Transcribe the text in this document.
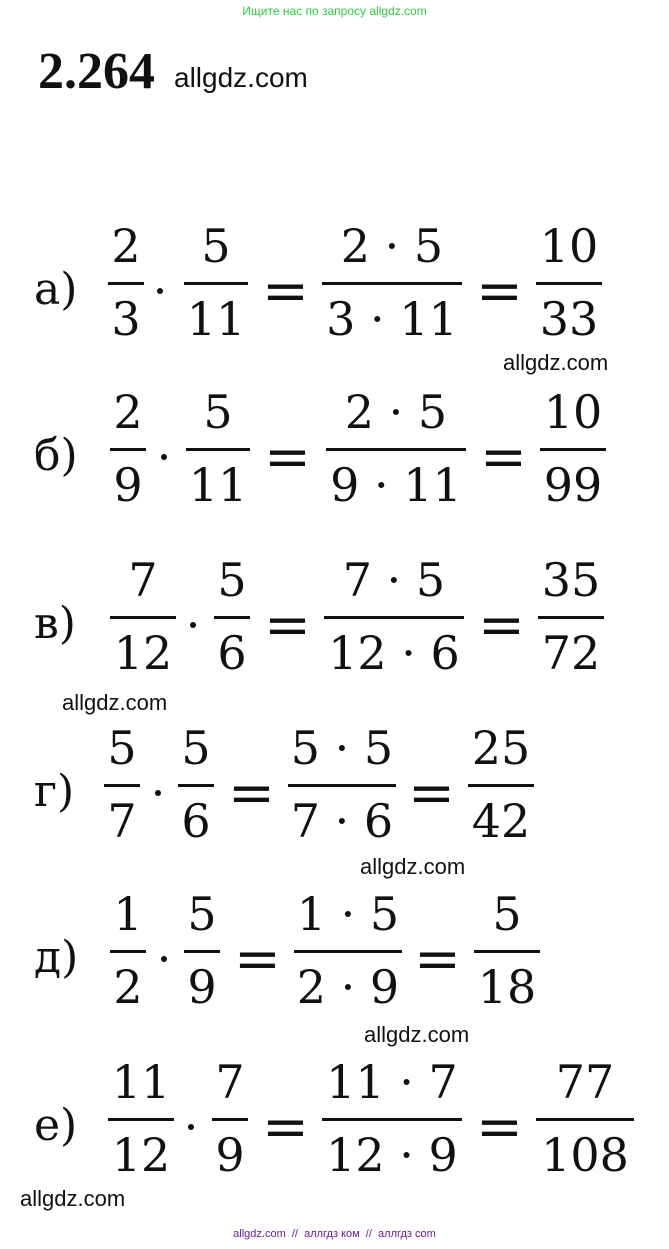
Ищите нас по запросу allgdz.com
2.264 allgdz.com
а)
2
3
5
11 =
2 · 5
3 · 11 =
10
33
allgdz.com
б)
2
9
5
11 =
2 · 5
9 · 11 =
10
99
в)
7
12
5
6 =
7 · 5
12 · 6 =
35
72
allgdz.com
г)
5
7
5
6 =
5 · 5
7 · 6 =
25
42
allgdz.com
д)
1
2
5
9 =
1 · 5
2 · 9 =
5
18
allgdz.com
е)
11
12
7
9 =
11 · 7
12 · 9 =
77
108
allgdz.com
allgdz.com  //  аллгдз ком  //  аллгдз com
